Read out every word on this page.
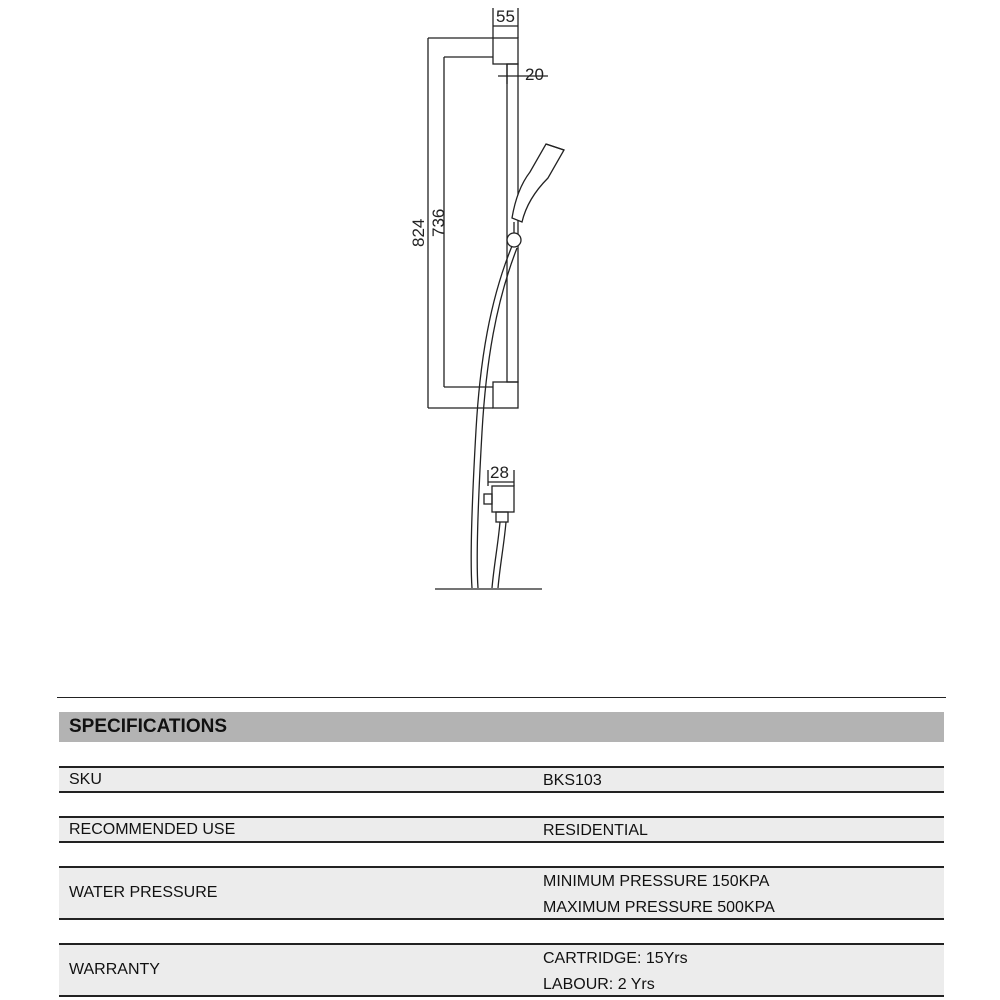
55
20
824 736
28
SPECIFICATIONS
SKU	BKS103
RECOMMENDED USE	RESIDENTIAL
WATER PRESSURE
MINIMUM PRESSURE 150KPA
MAXIMUM PRESSURE 500KPA
WARRANTY
CARTRIDGE: 15Yrs
LABOUR: 2 Yrs
